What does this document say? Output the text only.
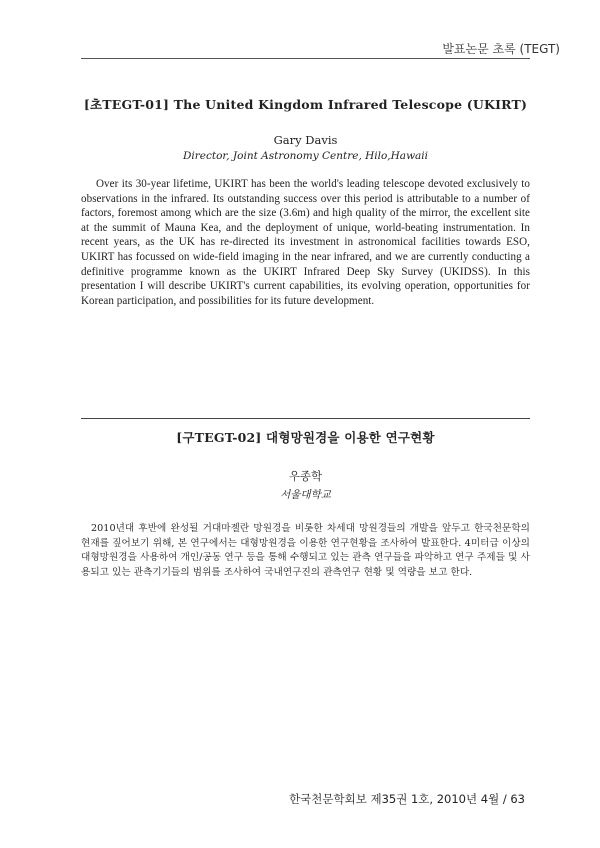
발표논문 초록 (TEGT)
[초TEGT-01] The United Kingdom Infrared Telescope (UKIRT)
Gary Davis
Director, Joint Astronomy Centre, Hilo,Hawaii

Over its 30-year lifetime, UKIRT has been the world's leading telescope devoted exclusively to observations in the infrared. Its outstanding success over this period is attributable to a number of factors, foremost among which are the size (3.6m) and high quality of the mirror, the excellent site at the summit of Mauna Kea, and the deployment of unique, world-beating instrumentation. In recent years, as the UK has re-directed its investment in astronomical facilities towards ESO, UKIRT has focussed on wide-field imaging in the near infrared, and we are currently conducting a definitive programme known as the UKIRT Infrared Deep Sky Survey (UKIDSS). In this presentation I will describe UKIRT's current capabilities, its evolving operation, opportunities for Korean participation, and possibilities for its future development.

[구TEGT-02] 대형망원경을 이용한 연구현황
우종학
서울대학교

2010년대 후반에 완성될 거대마젤란 망원경을 비롯한 차세대 망원경들의 개발을 앞두고 한국천문학의 현재를 짚어보기 위해, 본 연구에서는 대형망원경을 이용한 연구현황을 조사하여 발표한다. 4미터급 이상의 대형망원경을 사용하여 개인/공동 연구 등을 통해 수행되고 있는 관측 연구들을 파악하고 연구 주제들 및 사용되고 있는 관측기기들의 범위를 조사하여 국내연구진의 관측연구 현황 및 역량을 보고 한다.

한국천문학회보 제35권 1호, 2010년 4월 / 63
